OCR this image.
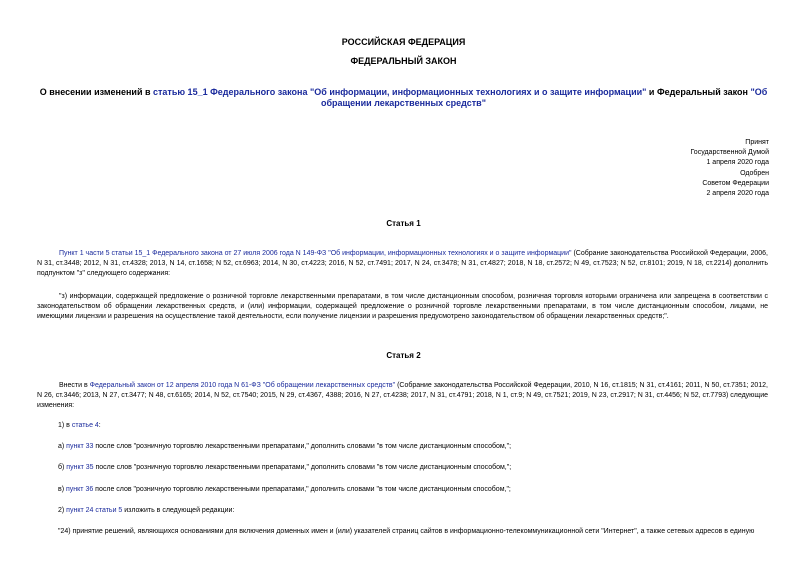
РОССИЙСКАЯ ФЕДЕРАЦИЯ
ФЕДЕРАЛЬНЫЙ ЗАКОН
О внесении изменений в статью 15_1 Федерального закона "Об информации, информационных технологиях и о защите информации" и Федеральный закон "Об обращении лекарственных средств"
Принят
Государственной Думой
1 апреля 2020 года
Одобрен
Советом Федерации
2 апреля 2020 года
Статья 1
Пункт 1 части 5 статьи 15_1 Федерального закона от 27 июля 2006 года N 149-ФЗ "Об информации, информационных технологиях и о защите информации" (Собрание законодательства Российской Федерации, 2006, N 31, ст.3448; 2012, N 31, ст.4328; 2013, N 14, ст.1658; N 52, ст.6963; 2014, N 30, ст.4223; 2016, N 52, ст.7491; 2017, N 24, ст.3478; N 31, ст.4827; 2018, N 18, ст.2572; N 49, ст.7523; N 52, ст.8101; 2019, N 18, ст.2214) дополнить подпунктом "з" следующего содержания:
"з) информации, содержащей предложение о розничной торговле лекарственными препаратами, в том числе дистанционным способом, розничная торговля которыми ограничена или запрещена в соответствии с законодательством об обращении лекарственных средств, и (или) информации, содержащей предложение о розничной торговле лекарственными препаратами, в том числе дистанционным способом, лицами, не имеющими лицензии и разрешения на осуществление такой деятельности, если получение лицензии и разрешения предусмотрено законодательством об обращении лекарственных средств;".
Статья 2
Внести в Федеральный закон от 12 апреля 2010 года N 61-ФЗ "Об обращении лекарственных средств" (Собрание законодательства Российской Федерации, 2010, N 16, ст.1815; N 31, ст.4161; 2011, N 50, ст.7351; 2012, N 26, ст.3446; 2013, N 27, ст.3477; N 48, ст.6165; 2014, N 52, ст.7540; 2015, N 29, ст.4367, 4388; 2016, N 27, ст.4238; 2017, N 31, ст.4791; 2018, N 1, ст.9; N 49, ст.7521; 2019, N 23, ст.2917; N 31, ст.4456; N 52, ст.7793) следующие изменения:
1) в статье 4:
а) пункт 33 после слов "розничную торговлю лекарственными препаратами," дополнить словами "в том числе дистанционным способом,";
б) пункт 35 после слов "розничную торговлю лекарственными препаратами," дополнить словами "в том числе дистанционным способом,";
в) пункт 36 после слов "розничную торговлю лекарственными препаратами," дополнить словами "в том числе дистанционным способом,";
2) пункт 24 статьи 5 изложить в следующей редакции:
"24) принятие решений, являющихся основаниями для включения доменных имен и (или) указателей страниц сайтов в информационно-телекоммуникационной сети "Интернет", а также сетевых адресов в единую
